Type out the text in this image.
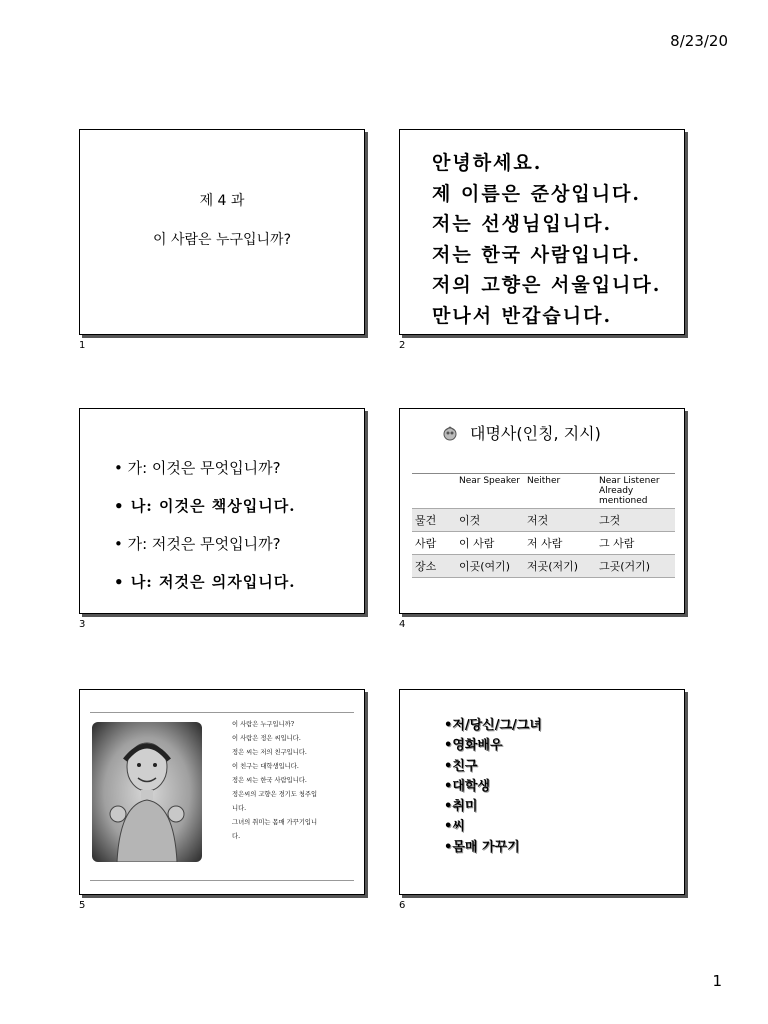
8/23/20
제 4 과
이 사람은 누구입니까?
1
안녕하세요.
제 이름은 준상입니다.
저는 선생님입니다.
저는 한국 사람입니다.
저의 고향은 서울입니다.
만나서 반갑습니다.
2
• 가: 이것은 무엇입니까?
• 나: 이것은 책상입니다.
• 가: 저것은 무엇입니까?
• 나: 저것은 의자입니다.
3
대명사(인칭, 지시)
	Near Speaker	Neither	Near Listener Already mentioned
물건	이것	저것	그것
사람	이 사람	저 사람	그 사람
장소	이곳(여기)	저곳(저기)	그곳(거기)
4
이 사람은 누구입니까?
이 사람은 정은 씨입니다.
정은 씨는 저의 친구입니다.
이 친구는 대학생입니다.
정은 씨는 한국 사람입니다.
정은씨의 고향은 경기도 청주입
니다.
그녀의 취미는 몸매 가꾸기입니
다.
5
•저/당신/그/그녀
•영화배우
•친구
•대학생
•취미
•씨
•몸매 가꾸기
6
1
